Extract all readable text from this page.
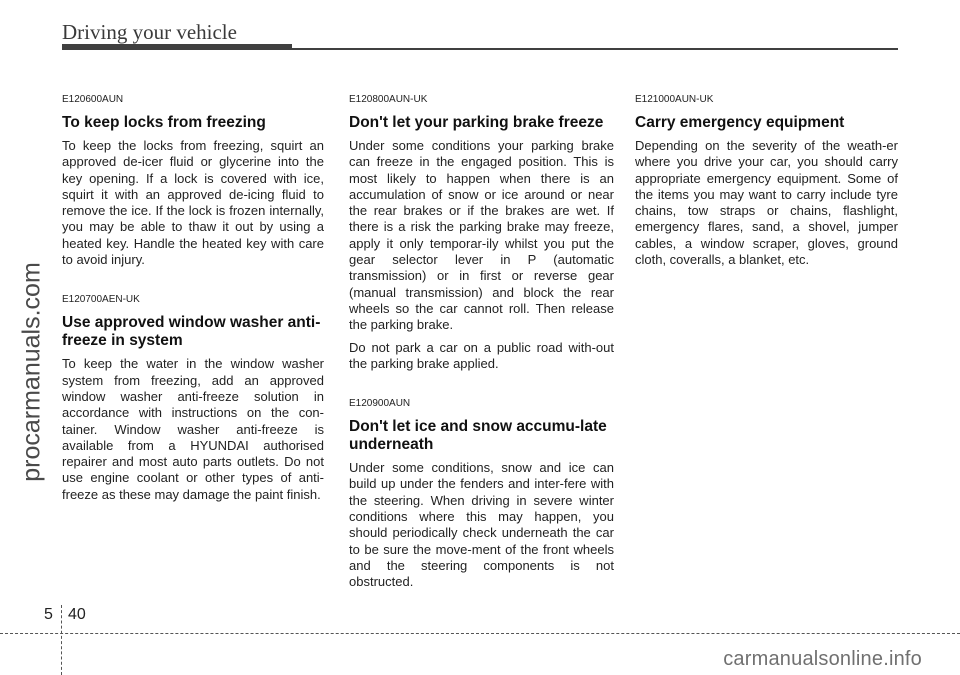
Driving your vehicle
procarmanuals.com
E120600AUN
To keep locks from freezing

To keep the locks from freezing, squirt an approved de-icer fluid or glycerine into the key opening. If a lock is covered with ice, squirt it with an approved de-icing fluid to remove the ice. If the lock is frozen internally, you may be able to thaw it out by using a heated key. Handle the heated key with care to avoid injury.

E120700AEN-UK
Use approved window washer anti-freeze in system

To keep the water in the window washer system from freezing, add an approved window washer anti-freeze solution in accordance with instructions on the con-tainer. Window washer anti-freeze is available from a HYUNDAI authorised repairer and most auto parts outlets. Do not use engine coolant or other types of anti-freeze as these may damage the paint finish.

E120800AUN-UK
Don't let your parking brake freeze

Under some conditions your parking brake can freeze in the engaged position. This is most likely to happen when there is an accumulation of snow or ice around or near the rear brakes or if the brakes are wet. If there is a risk the parking brake may freeze, apply it only temporar-ily whilst you put the gear selector lever in P (automatic transmission) or in first or reverse gear (manual transmission) and block the rear wheels so the car cannot roll. Then release the parking brake.

Do not park a car on a public road with-out the parking brake applied.

E120900AUN
Don't let ice and snow accumu-late underneath

Under some conditions, snow and ice can build up under the fenders and inter-fere with the steering. When driving in severe winter conditions where this may happen, you should periodically check underneath the car to be sure the move-ment of the front wheels and the steering components is not obstructed.

E121000AUN-UK
Carry emergency equipment

Depending on the severity of the weath-er where you drive your car, you should carry appropriate emergency equipment. Some of the items you may want to carry include tyre chains, tow straps or chains, flashlight, emergency flares, sand, a shovel, jumper cables, a window scraper, gloves, ground cloth, coveralls, a blanket, etc.

5 40
carmanualsonline.info
